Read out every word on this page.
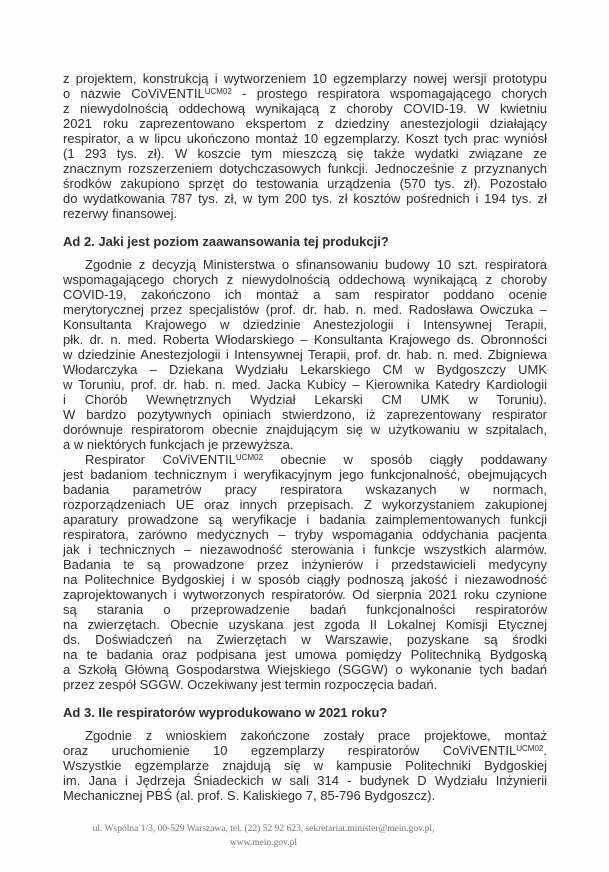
z projektem, konstrukcją i wytworzeniem 10 egzemplarzy nowej wersji prototypu
o nazwie CoViVENTIL$^{UCM02}$ - prostego respiratora wspomagającego chorych
z niewydolnością oddechową wynikającą z choroby COVID-19. W kwietniu
2021 roku zaprezentowano ekspertom z dziedziny anestezjologii działający
respirator, a w lipcu ukończono montaż 10 egzemplarzy. Koszt tych prac wyniósł
(1 293 tys. zł). W koszcie tym mieszczą się także wydatki związane ze
znacznym rozszerzeniem dotychczasowych funkcji. Jednocześnie z przyznanych
środków zakupiono sprzęt do testowania urządzenia (570 tys. zł). Pozostało
do wydatkowania 787 tys. zł, w tym 200 tys. zł kosztów pośrednich i 194 tys. zł
rezerwy finansowej.
Ad 2. Jaki jest poziom zaawansowania tej produkcji?
Zgodnie z decyzją Ministerstwa o sfinansowaniu budowy 10 szt. respiratora
wspomagającego chorych z niewydolnością oddechową wynikającą z choroby
COVID-19, zakończono ich montaż a sam respirator poddano ocenie
merytorycznej przez specjalistów (prof. dr. hab. n. med. Radosława Owczuka –
Konsultanta Krajowego w dziedzinie Anestezjologii i Intensywnej Terapii,
płk. dr. n. med. Roberta Włodarskiego – Konsultanta Krajowego ds. Obronności
w dziedzinie Anestezjologii i Intensywnej Terapii, prof. dr. hab. n. med. Zbigniewa
Włodarczyka – Dziekana Wydziału Lekarskiego CM w Bydgoszczy UMK
w Toruniu, prof. dr. hab. n. med. Jacka Kubicy – Kierownika Katedry Kardiologii
i Chorób Wewnętrznych Wydział Lekarski CM UMK w Toruniu).
W bardzo pozytywnych opiniach stwierdzono, iż zaprezentowany respirator
dorównuje respiratorom obecnie znajdującym się w użytkowaniu w szpitalach,
a w niektórych funkcjach je przewyższa.
Respirator CoViVENTIL$^{UCM02}$ obecnie w sposób ciągły poddawany
jest badaniom technicznym i weryfikacyjnym jego funkcjonalność, obejmujących
badania parametrów pracy respiratora wskazanych w normach,
rozporządzeniach UE oraz innych przepisach. Z wykorzystaniem zakupionej
aparatury prowadzone są weryfikacje i badania zaimplementowanych funkcji
respiratora, zarówno medycznych – tryby wspomagania oddychania pacjenta
jak i technicznych – niezawodność sterowania i funkcje wszystkich alarmów.
Badania te są prowadzone przez inżynierów i przedstawicieli medycyny
na Politechnice Bydgoskiej i w sposób ciągły podnoszą jakość i niezawodność
zaprojektowanych i wytworzonych respiratorów. Od sierpnia 2021 roku czynione
są starania o przeprowadzenie badań funkcjonalności respiratorów
na zwierzętach. Obecnie uzyskana jest zgoda II Lokalnej Komisji Etycznej
ds. Doświadczeń na Zwierzętach w Warszawie, pozyskane są środki
na te badania oraz podpisana jest umowa pomiędzy Politechniką Bydgoską
a Szkołą Główną Gospodarstwa Wiejskiego (SGGW) o wykonanie tych badań
przez zespół SGGW. Oczekiwany jest termin rozpoczęcia badań.
Ad 3. Ile respiratorów wyprodukowano w 2021 roku?
Zgodnie z wnioskiem zakończone zostały prace projektowe, montaż
oraz uruchomienie 10 egzemplarzy respiratorów CoViVENTIL$^{UCM02}$.
Wszystkie egzemplarze znajdują się w kampusie Politechniki Bydgoskiej
im. Jana i Jędrzeja Śniadeckich w sali 314 - budynek D Wydziału Inżynierii
Mechanicznej PBŚ (al. prof. S. Kaliskiego 7, 85-796 Bydgoszcz).
ul. Wspólna 1/3, 00-529 Warszawa, tel. (22) 52 92 623, sekretariat.minister@mein.gov.pl,
www.mein.gov.pl
